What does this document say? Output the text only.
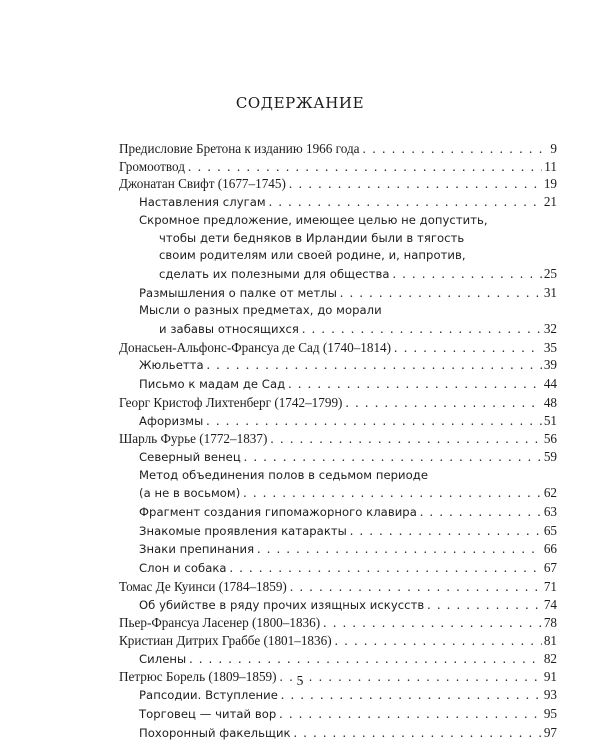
СОДЕРЖАНИЕ
Предисловие Бретона к изданию 1966 года . . .	9
Громоотвод . . .	11
Джонатан Свифт (1677–1745) . . .	19
Наставления слугам . . .	21
Скромное предложение, имеющее целью не допустить,
чтобы дети бедняков в Ирландии были в тягость
своим родителям или своей родине, и, напротив,
сделать их полезными для общества . . .	25
Размышления о палке от метлы . . .	31
Мысли о разных предметах, до морали
и забавы относящихся . . .	32
Донасьен-Альфонс-Франсуа де Сад (1740–1814) . . .	35
Жюльетта . . .	39
Письмо к мадам де Сад . . .	44
Георг Кристоф Лихтенберг (1742–1799) . . .	48
Афоризмы . . .	51
Шарль Фурье (1772–1837) . . .	56
Северный венец . . .	59
Метод объединения полов в седьмом периоде
(а не в восьмом) . . .	62
Фрагмент создания гипомажорного клавира . . .	63
Знакомые проявления катаракты . . .	65
Знаки препинания . . .	66
Слон и собака . . .	67
Томас Де Куинси (1784–1859) . . .	71
Об убийстве в ряду прочих изящных искусств . . .	74
Пьер-Франсуа Ласенер (1800–1836) . . .	78
Кристиан Дитрих Граббе (1801–1836) . . .	81
Силены . . .	82
Петрюс Борель (1809–1859) . . .	91
Рапсодии. Вступление . . .	93
Торговец — читай вор . . .	95
Похоронный факельщик . . .	97
5
